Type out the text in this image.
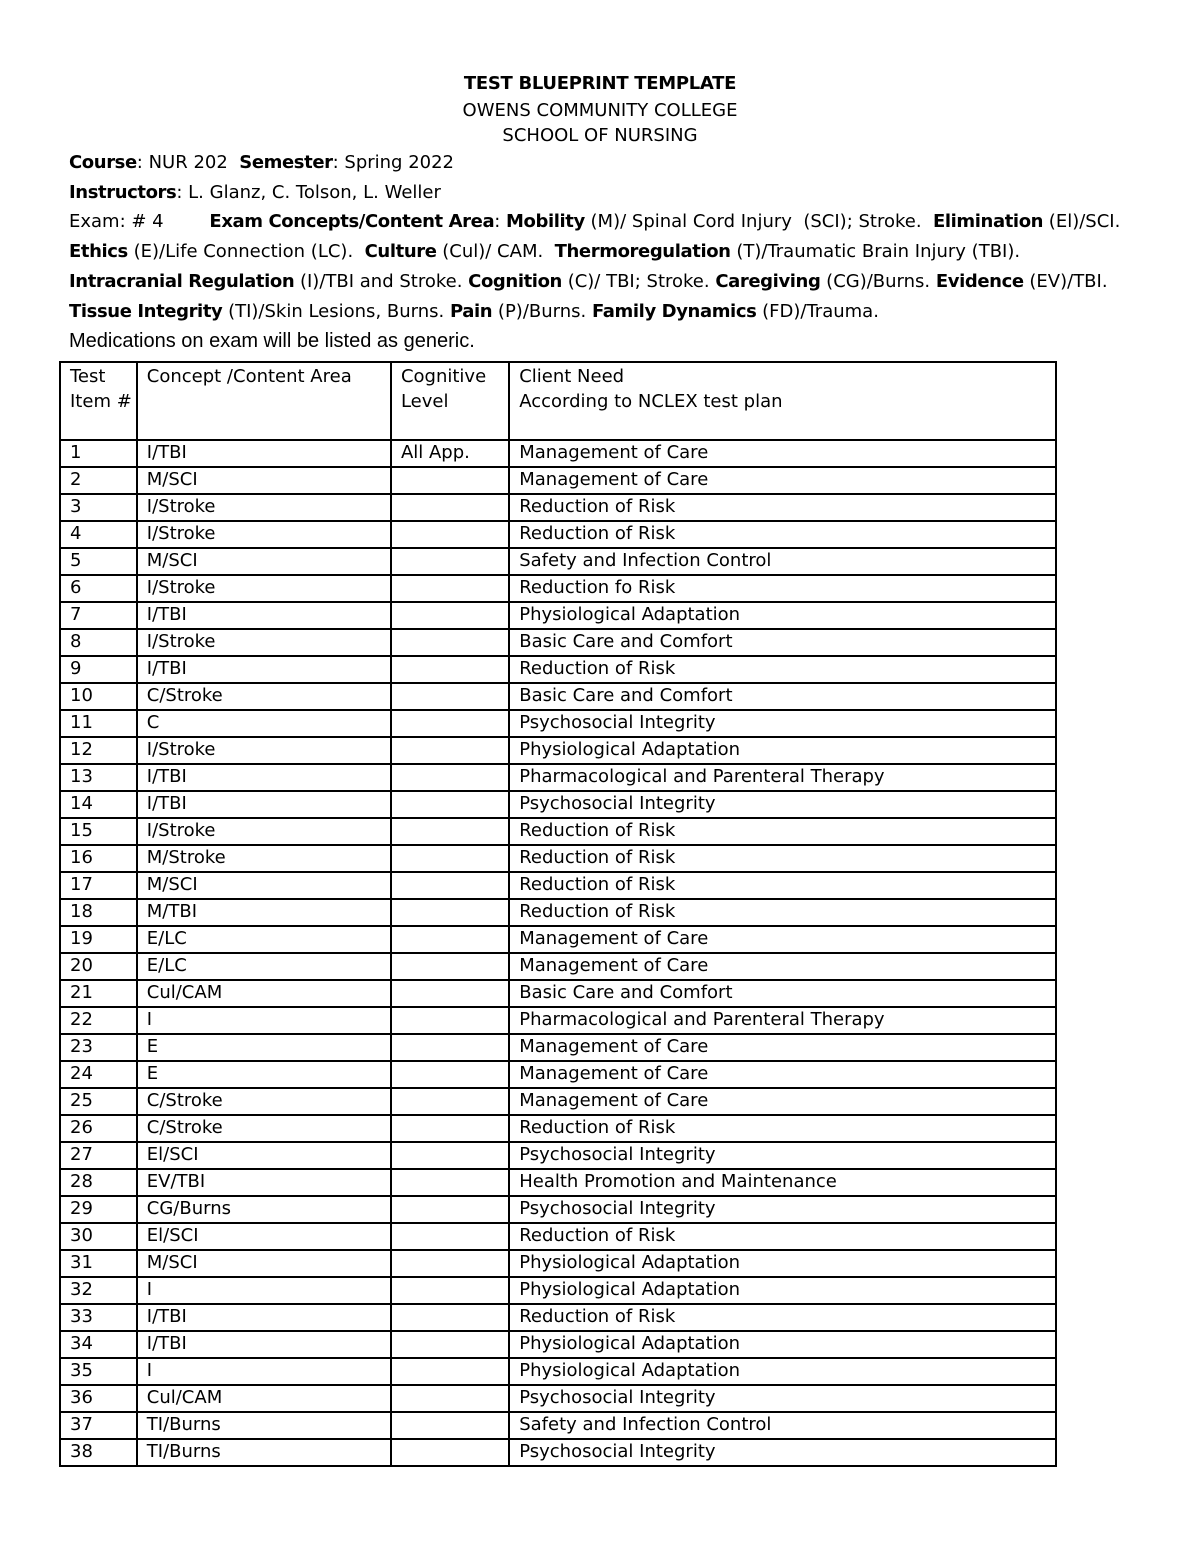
TEST BLUEPRINT TEMPLATE
OWENS COMMUNITY COLLEGE
SCHOOL OF NURSING
Course: NUR 202 Semester: Spring 2022
Instructors: L. Glanz, C. Tolson, L. Weller
Exam: # 4	Exam Concepts/Content Area: Mobility (M)/ Spinal Cord Injury  (SCI); Stroke.  Elimination (El)/SCI.  Ethics (E)/Life Connection (LC).  Culture (Cul)/ CAM.  Thermoregulation (T)/Traumatic Brain Injury (TBI).  Intracranial Regulation (I)/TBI and Stroke. Cognition (C)/ TBI; Stroke. Caregiving (CG)/Burns. Evidence (EV)/TBI. Tissue Integrity (TI)/Skin Lesions, Burns. Pain (P)/Burns. Family Dynamics (FD)/Trauma.
Medications on exam will be listed as generic.
Test Item #	Concept /Content Area	Cognitive Level	Client Need
According to NCLEX test plan
1	I/TBI	All App.	Management of Care
2	M/SCI		Management of Care
3	I/Stroke		Reduction of Risk
4	I/Stroke		Reduction of Risk
5	M/SCI		Safety and Infection Control
6	I/Stroke		Reduction fo Risk
7	I/TBI		Physiological Adaptation
8	I/Stroke		Basic Care and Comfort
9	I/TBI		Reduction of Risk
10	C/Stroke		Basic Care and Comfort
11	C		Psychosocial Integrity
12	I/Stroke		Physiological Adaptation
13	I/TBI		Pharmacological and Parenteral Therapy
14	I/TBI		Psychosocial Integrity
15	I/Stroke		Reduction of Risk
16	M/Stroke		Reduction of Risk
17	M/SCI		Reduction of Risk
18	M/TBI		Reduction of Risk
19	E/LC		Management of Care
20	E/LC		Management of Care
21	Cul/CAM		Basic Care and Comfort
22	I		Pharmacological and Parenteral Therapy
23	E		Management of Care
24	E		Management of Care
25	C/Stroke		Management of Care
26	C/Stroke		Reduction of Risk
27	El/SCI		Psychosocial Integrity
28	EV/TBI		Health Promotion and Maintenance
29	CG/Burns		Psychosocial Integrity
30	El/SCI		Reduction of Risk
31	M/SCI		Physiological Adaptation
32	I		Physiological Adaptation
33	I/TBI		Reduction of Risk
34	I/TBI		Physiological Adaptation
35	I		Physiological Adaptation
36	Cul/CAM		Psychosocial Integrity
37	TI/Burns		Safety and Infection Control
38	TI/Burns		Psychosocial Integrity
